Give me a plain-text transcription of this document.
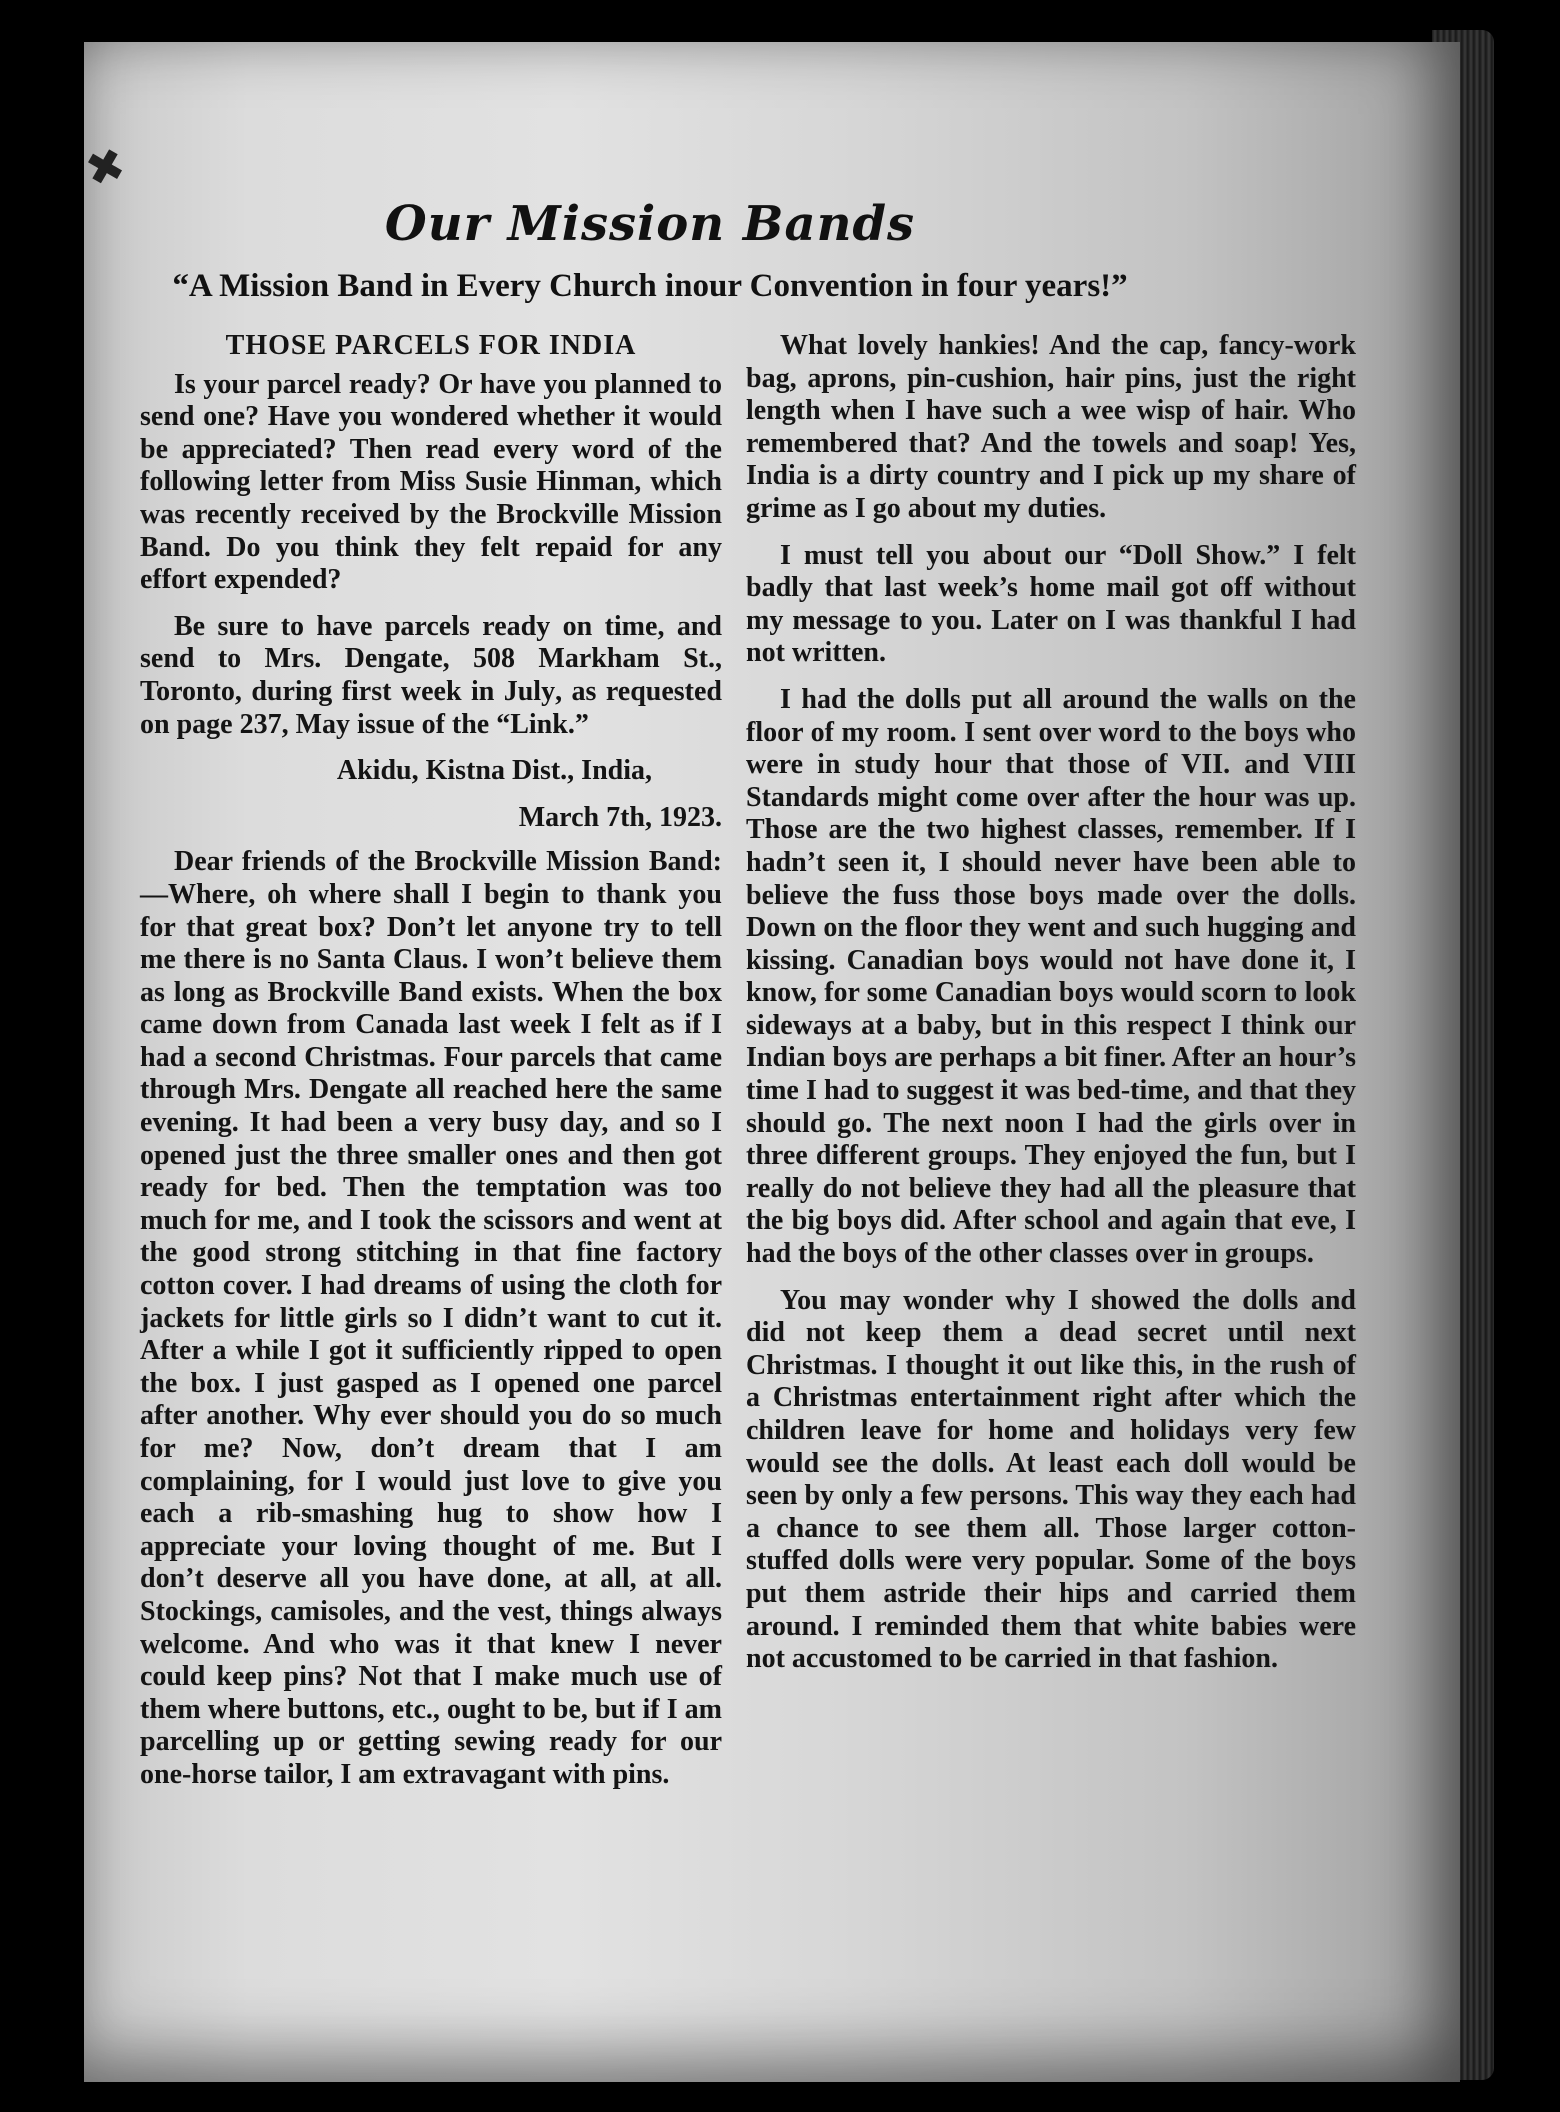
✖
Our Mission Bands
“A Mission Band in Every Church inour Convention in four years!”
THOSE PARCELS FOR INDIA

Is your parcel ready? Or have you planned to send one? Have you wondered whether it would be appreciated? Then read every word of the following letter from Miss Susie Hinman, which was recently received by the Brockville Mission Band. Do you think they felt repaid for any effort expended?

Be sure to have parcels ready on time, and send to Mrs. Dengate, 508 Markham St., Toronto, during first week in July, as requested on page 237, May issue of the “Link.”

Akidu, Kistna Dist., India,

March 7th, 1923.

Dear friends of the Brockville Mission Band:—Where, oh where shall I begin to thank you for that great box? Don’t let anyone try to tell me there is no Santa Claus. I won’t believe them as long as Brockville Band exists. When the box came down from Canada last week I felt as if I had a second Christmas. Four parcels that came through Mrs. Dengate all reached here the same evening. It had been a very busy day, and so I opened just the three smaller ones and then got ready for bed. Then the temptation was too much for me, and I took the scissors and went at the good strong stitching in that fine factory cotton cover. I had dreams of using the cloth for jackets for little girls so I didn’t want to cut it. After a while I got it sufficiently ripped to open the box. I just gasped as I opened one parcel after another. Why ever should you do so much for me? Now, don’t dream that I am complaining, for I would just love to give you each a rib-smashing hug to show how I appreciate your loving thought of me. But I don’t deserve all you have done, at all, at all. Stockings, camisoles, and the vest, things always welcome. And who was it that knew I never could keep pins? Not that I make much use of them where buttons, etc., ought to be, but if I am parcelling up or getting sewing ready for our one-horse tailor, I am extravagant with pins.

What lovely hankies! And the cap, fancy-work bag, aprons, pin-cushion, hair pins, just the right length when I have such a wee wisp of hair. Who remembered that? And the towels and soap! Yes, India is a dirty country and I pick up my share of grime as I go about my duties.

I must tell you about our “Doll Show.” I felt badly that last week’s home mail got off without my message to you. Later on I was thankful I had not written.

I had the dolls put all around the walls on the floor of my room. I sent over word to the boys who were in study hour that those of VII. and VIII Standards might come over after the hour was up. Those are the two highest classes, remember. If I hadn’t seen it, I should never have been able to believe the fuss those boys made over the dolls. Down on the floor they went and such hugging and kissing. Canadian boys would not have done it, I know, for some Canadian boys would scorn to look sideways at a baby, but in this respect I think our Indian boys are perhaps a bit finer. After an hour’s time I had to suggest it was bed-time, and that they should go. The next noon I had the girls over in three different groups. They enjoyed the fun, but I really do not believe they had all the pleasure that the big boys did. After school and again that eve, I had the boys of the other classes over in groups.

You may wonder why I showed the dolls and did not keep them a dead secret until next Christmas. I thought it out like this, in the rush of a Christmas entertainment right after which the children leave for home and holidays very few would see the dolls. At least each doll would be seen by only a few persons. This way they each had a chance to see them all. Those larger cotton-stuffed dolls were very popular. Some of the boys put them astride their hips and carried them around. I reminded them that white babies were not accustomed to be carried in that fashion.
